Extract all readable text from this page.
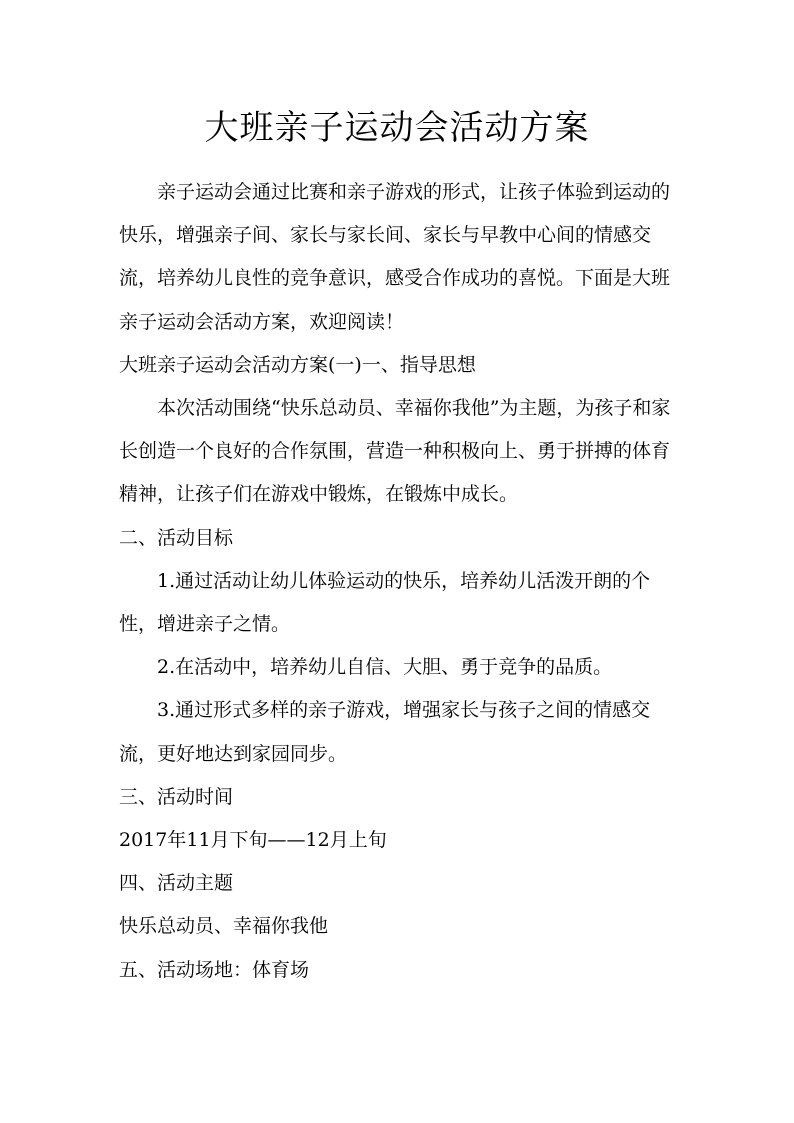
大班亲子运动会活动方案

亲子运动会通过比赛和亲子游戏的形式，让孩子体验到运动的快乐，增强亲子间、家长与家长间、家长与早教中心间的情感交流，培养幼儿良性的竞争意识，感受合作成功的喜悦。下面是大班亲子运动会活动方案，欢迎阅读！

大班亲子运动会活动方案(一)一、指导思想

本次活动围绕“快乐总动员、幸福你我他”为主题，为孩子和家长创造一个良好的合作氛围，营造一种积极向上、勇于拼搏的体育精神，让孩子们在游戏中锻炼，在锻炼中成长。

二、活动目标

1.通过活动让幼儿体验运动的快乐，培养幼儿活泼开朗的个性，增进亲子之情。

2.在活动中，培养幼儿自信、大胆、勇于竞争的品质。

3.通过形式多样的亲子游戏，增强家长与孩子之间的情感交流，更好地达到家园同步。

三、活动时间

2017年11月下旬——12月上旬

四、活动主题

快乐总动员、幸福你我他

五、活动场地：体育场
